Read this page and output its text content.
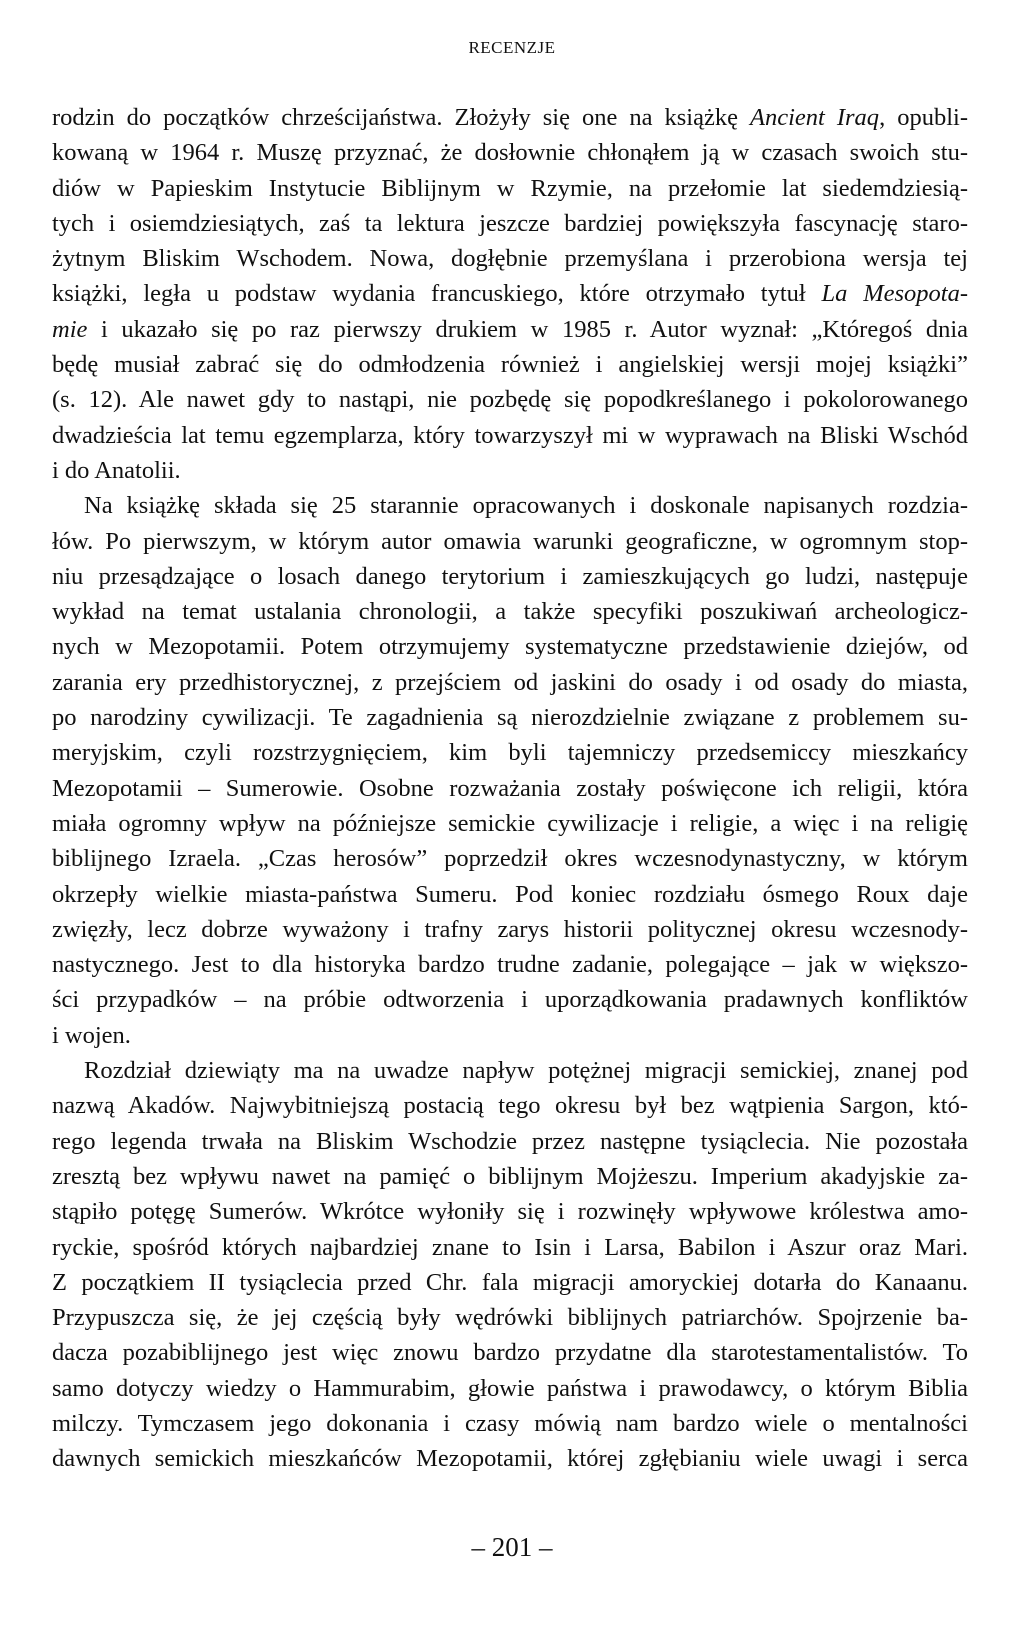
RECENZJE
rodzin do początków chrześcijaństwa. Złożyły się one na książkę Ancient Iraq, opubli-
kowaną w 1964 r. Muszę przyznać, że dosłownie chłonąłem ją w czasach swoich stu-
diów w Papieskim Instytucie Biblijnym w Rzymie, na przełomie lat siedemdziesią-
tych i osiemdziesiątych, zaś ta lektura jeszcze bardziej powiększyła fascynację staro-
żytnym Bliskim Wschodem. Nowa, dogłębnie przemyślana i przerobiona wersja tej
książki, legła u podstaw wydania francuskiego, które otrzymało tytuł La Mesopota-
mie i ukazało się po raz pierwszy drukiem w 1985 r. Autor wyznał: „Któregoś dnia
będę musiał zabrać się do odmłodzenia również i angielskiej wersji mojej książki”
(s. 12). Ale nawet gdy to nastąpi, nie pozbędę się popodkreślanego i pokolorowanego
dwadzieścia lat temu egzemplarza, który towarzyszył mi w wyprawach na Bliski Wschód
i do Anatolii.
Na książkę składa się 25 starannie opracowanych i doskonale napisanych rozdzia-
łów. Po pierwszym, w którym autor omawia warunki geograficzne, w ogromnym stop-
niu przesądzające o losach danego terytorium i zamieszkujących go ludzi, następuje
wykład na temat ustalania chronologii, a także specyfiki poszukiwań archeologicz-
nych w Mezopotamii. Potem otrzymujemy systematyczne przedstawienie dziejów, od
zarania ery przedhistorycznej, z przejściem od jaskini do osady i od osady do miasta,
po narodziny cywilizacji. Te zagadnienia są nierozdzielnie związane z problemem su-
meryjskim, czyli rozstrzygnięciem, kim byli tajemniczy przedsemiccy mieszkańcy
Mezopotamii – Sumerowie. Osobne rozważania zostały poświęcone ich religii, która
miała ogromny wpływ na późniejsze semickie cywilizacje i religie, a więc i na religię
biblijnego Izraela. „Czas herosów” poprzedził okres wczesnodynastyczny, w którym
okrzepły wielkie miasta-państwa Sumeru. Pod koniec rozdziału ósmego Roux daje
zwięzły, lecz dobrze wyważony i trafny zarys historii politycznej okresu wczesnody-
nastycznego. Jest to dla historyka bardzo trudne zadanie, polegające – jak w większo-
ści przypadków – na próbie odtworzenia i uporządkowania pradawnych konfliktów
i wojen.
Rozdział dziewiąty ma na uwadze napływ potężnej migracji semickiej, znanej pod
nazwą Akadów. Najwybitniejszą postacią tego okresu był bez wątpienia Sargon, któ-
rego legenda trwała na Bliskim Wschodzie przez następne tysiąclecia. Nie pozostała
zresztą bez wpływu nawet na pamięć o biblijnym Mojżeszu. Imperium akadyjskie za-
stąpiło potęgę Sumerów. Wkrótce wyłoniły się i rozwinęły wpływowe królestwa amo-
ryckie, spośród których najbardziej znane to Isin i Larsa, Babilon i Aszur oraz Mari.
Z początkiem II tysiąclecia przed Chr. fala migracji amoryckiej dotarła do Kanaanu.
Przypuszcza się, że jej częścią były wędrówki biblijnych patriarchów. Spojrzenie ba-
dacza pozabiblijnego jest więc znowu bardzo przydatne dla starotestamentalistów. To
samo dotyczy wiedzy o Hammurabim, głowie państwa i prawodawcy, o którym Biblia
milczy. Tymczasem jego dokonania i czasy mówią nam bardzo wiele o mentalności
dawnych semickich mieszkańców Mezopotamii, której zgłębianiu wiele uwagi i serca
– 201 –
